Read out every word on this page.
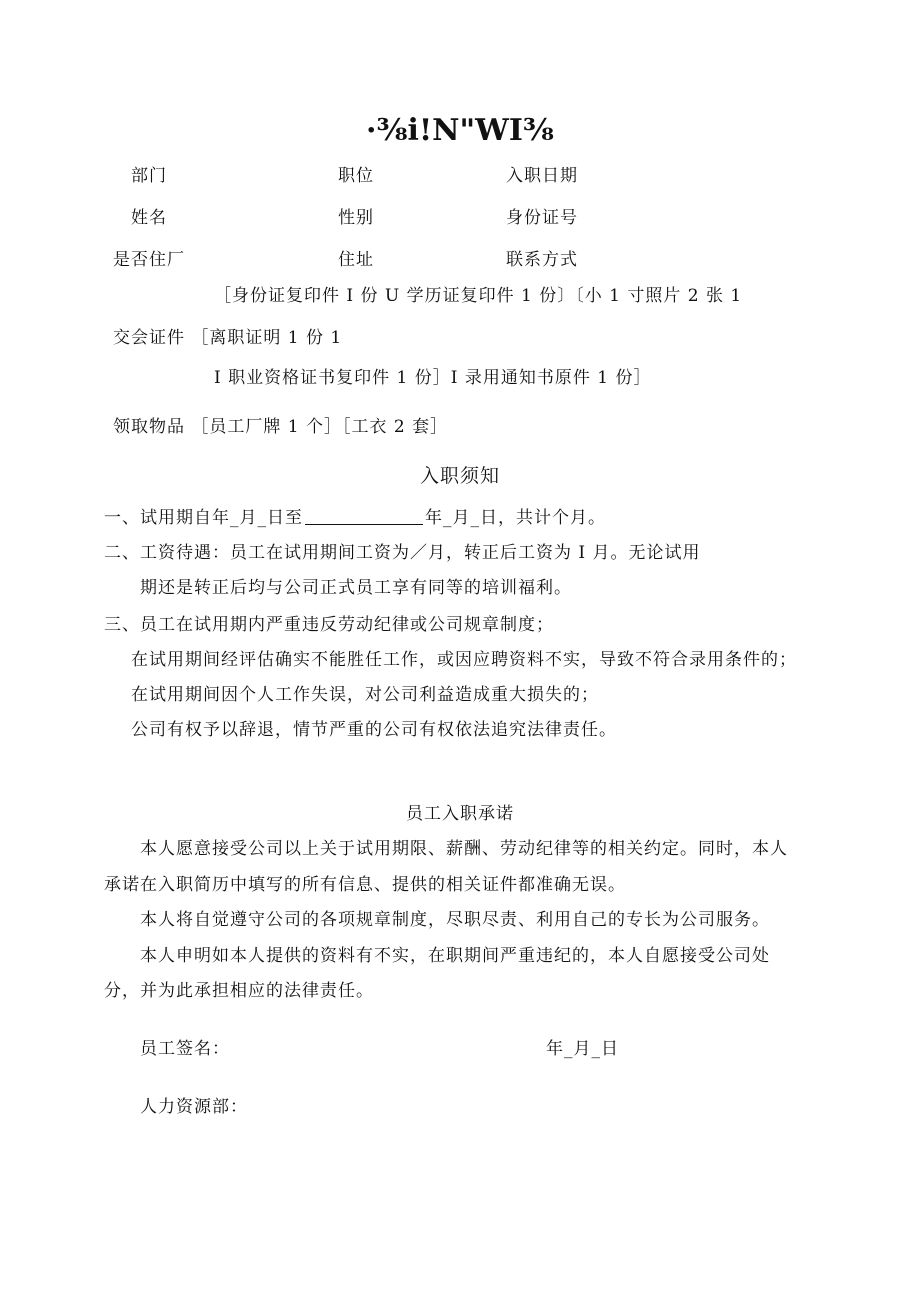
·⅜i!N"WI⅜
部门	职位	入职日期
姓名	性别	身份证号
是否住厂	住址	联系方式
［身份证复印件 I 份 U 学历证复印件 1 份〕〔小 1 寸照片 2 张 1
交会证件 ［离职证明 1 份 1
I 职业资格证书复印件 1 份］I 录用通知书原件 1 份］
领取物品 ［员工厂牌 1 个］［工衣 2 套］
入职须知
一、试用期自年_月_日至	年_月_日，共计个月。
二、工资待遇：员工在试用期间工资为／月，转正后工资为 I 月。无论试用
期还是转正后均与公司正式员工享有同等的培训福利。
三、员工在试用期内严重违反劳动纪律或公司规章制度；
在试用期间经评估确实不能胜任工作，或因应聘资料不实，导致不符合录用条件的；
在试用期间因个人工作失误，对公司利益造成重大损失的；
公司有权予以辞退，情节严重的公司有权依法追究法律责任。
员工入职承诺
本人愿意接受公司以上关于试用期限、薪酬、劳动纪律等的相关约定。同时，本人
承诺在入职简历中填写的所有信息、提供的相关证件都准确无误。
本人将自觉遵守公司的各项规章制度，尽职尽责、利用自己的专长为公司服务。
本人申明如本人提供的资料有不实，在职期间严重违纪的，本人自愿接受公司处
分，并为此承担相应的法律责任。
员工签名：	年_月_日
人力资源部：
